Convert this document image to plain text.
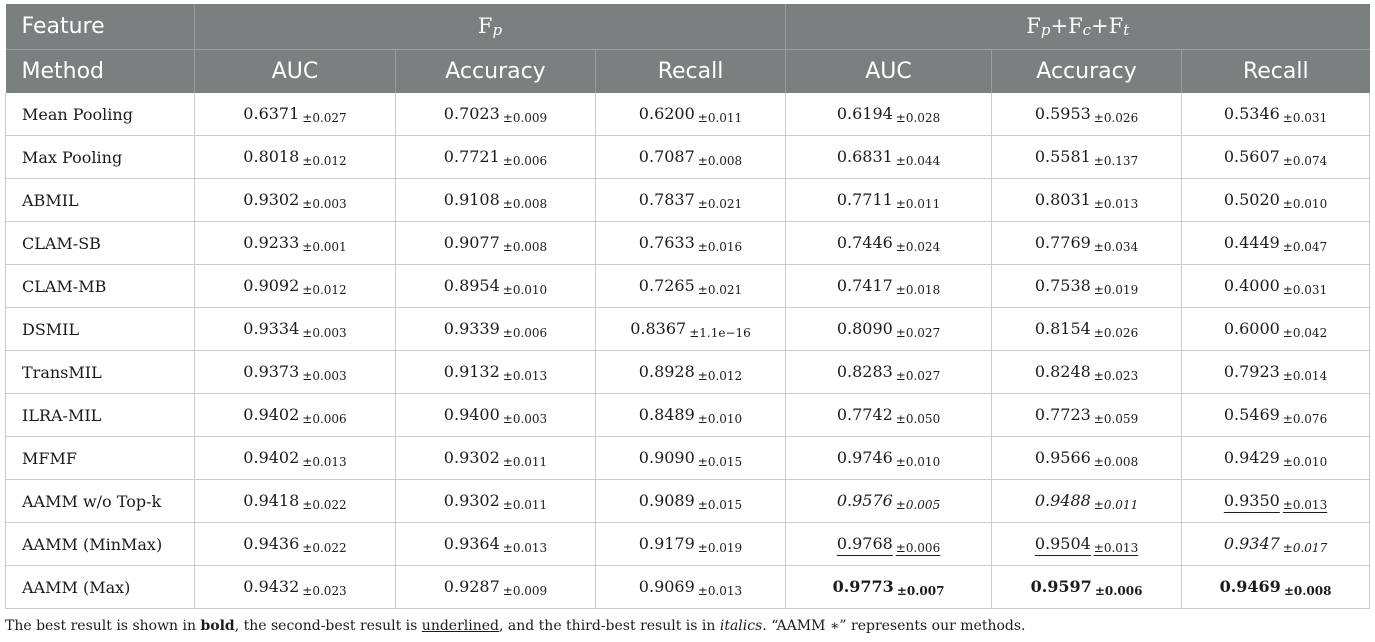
Feature	$F_p$			$F_p+F_c+F_t$
Method	AUC	Accuracy	Recall	AUC	Accuracy	Recall
Mean Pooling	0.6371 ±0.027	0.7023 ±0.009	0.6200 ±0.011	0.6194 ±0.028	0.5953 ±0.026	0.5346 ±0.031
Max Pooling	0.8018 ±0.012	0.7721 ±0.006	0.7087 ±0.008	0.6831 ±0.044	0.5581 ±0.137	0.5607 ±0.074
ABMIL	0.9302 ±0.003	0.9108 ±0.008	0.7837 ±0.021	0.7711 ±0.011	0.8031 ±0.013	0.5020 ±0.010
CLAM-SB	0.9233 ±0.001	0.9077 ±0.008	0.7633 ±0.016	0.7446 ±0.024	0.7769 ±0.034	0.4449 ±0.047
CLAM-MB	0.9092 ±0.012	0.8954 ±0.010	0.7265 ±0.021	0.7417 ±0.018	0.7538 ±0.019	0.4000 ±0.031
DSMIL	0.9334 ±0.003	0.9339 ±0.006	0.8367 ±1.1e−16	0.8090 ±0.027	0.8154 ±0.026	0.6000 ±0.042
TransMIL	0.9373 ±0.003	0.9132 ±0.013	0.8928 ±0.012	0.8283 ±0.027	0.8248 ±0.023	0.7923 ±0.014
ILRA-MIL	0.9402 ±0.006	0.9400 ±0.003	0.8489 ±0.010	0.7742 ±0.050	0.7723 ±0.059	0.5469 ±0.076
MFMF	0.9402 ±0.013	0.9302 ±0.011	0.9090 ±0.015	0.9746 ±0.010	0.9566 ±0.008	0.9429 ±0.010
AAMM w/o Top-k	0.9418 ±0.022	0.9302 ±0.011	0.9089 ±0.015	0.9576 ±0.005	0.9488 ±0.011	0.9350 ±0.013
AAMM (MinMax)	0.9436 ±0.022	0.9364 ±0.013	0.9179 ±0.019	0.9768 ±0.006	0.9504 ±0.013	0.9347 ±0.017
AAMM (Max)	0.9432 ±0.023	0.9287 ±0.009	0.9069 ±0.013	0.9773 ±0.007	0.9597 ±0.006	0.9469 ±0.008
The best result is shown in bold, the second-best result is underlined, and the third-best result is in italics. “AAMM ∗” represents our methods.
